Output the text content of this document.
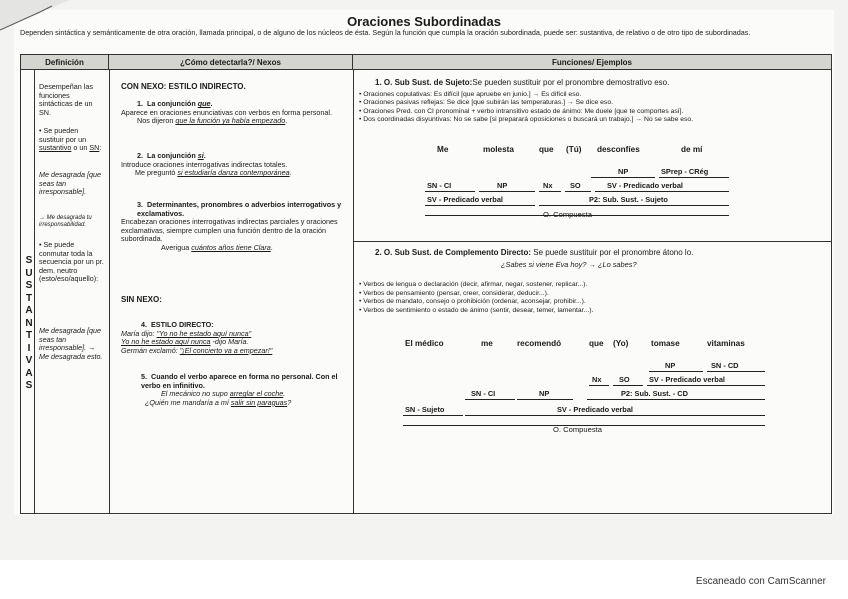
Oraciones Subordinadas
Dependen sintáctica y semánticamente de otra oración, llamada principal, o de alguno de los núcleos de ésta. Según la función que cumpla la oración subordinada, puede ser: sustantiva, de relativo o de otro tipo de subordinadas.
Definición	¿Cómo detectarla?/ Nexos	Funciones/ Ejemplos
S
U
S
T
A
N
T
I
V
A
S
Desempeñan las funciones sintácticas de un SN.
• Se pueden sustituir por un sustantivo o un SN:
Me desagrada [que seas tan irresponsable].
→ Me desagrada tu irresponsabilidad.
• Se puede conmutar toda la secuencia por un pr. dem. neutro (esto/eso/aquello):
Me desagrada [que seas tan irresponsable]. → Me desagrada esto.
CON NEXO: ESTILO INDIRECTO.
1. La conjunción que.
Aparece en oraciones enunciativas con verbos en forma personal.
Nos dijeron que la función ya había empezado.
2. La conjunción si.
Introduce oraciones interrogativas indirectas totales.
Me preguntó si estudiaría danza contemporánea.
3. Determinantes, pronombres o adverbios interrogativos y exclamativos.
Encabezan oraciones interrogativas indirectas parciales y oraciones exclamativas, siempre cumplen una función dentro de la oración subordinada.
Averigua cuántos años tiene Clara.
SIN NEXO:
4. ESTILO DIRECTO:
María dijo: "Yo no he estado aquí nunca"
Yo no he estado aquí nunca -dijo María.
Germán exclamó: "¡El concierto va a empezar!"
5. Cuando el verbo aparece en forma no personal. Con el verbo en infinitivo.
El mecánico no supo arreglar el coche.
¿Quién me mandaría a mí salir sin paraguas?
1. O. Sub Sust. de Sujeto:Se pueden sustituir por el pronombre demostrativo eso.
• Oraciones copulativas: Es difícil [que apruebe en junio.] → Es difícil eso.
• Oraciones pasivas reflejas: Se dice [que subirán las temperaturas.] → Se dice eso.
• Oraciones Pred. con CI pronominal + verbo intransitivo estado de ánimo: Me duele [que te comportes así].
• Dos coordinadas disyuntivas: No se sabe [si preparará oposiciones o buscará un trabajo.] → No se sabe eso.
Me	molesta	que (Tú) desconfíes	de mí
NP	SPrep - CRég
SN - CI	NP	Nx SO	SV - Predicado verbal
SV - Predicado verbal	P2: Sub. Sust. - Sujeto
O. Compuesta
2. O. Sub Sust. de Complemento Directo: Se puede sustituir por el pronombre átono lo.
¿Sabes si viene Eva hoy? → ¿Lo sabes?
• Verbos de lengua o declaración (decir, afirmar, negar, sostener, replicar...).
• Verbos de pensamiento (pensar, creer, considerar, deducir...).
• Verbos de mandato, consejo o prohibición (ordenar, aconsejar, prohibir...).
• Verbos de sentimiento o estado de ánimo (sentir, desear, temer, lamentar...).
El médico	me	recomendó	que (Yo)	tomase	vitaminas
NP	SN - CD
Nx SO	SV - Predicado verbal
SN - CI	NP	P2: Sub. Sust. - CD
SN - Sujeto	SV - Predicado verbal
O. Compuesta
Escaneado con CamScanner
